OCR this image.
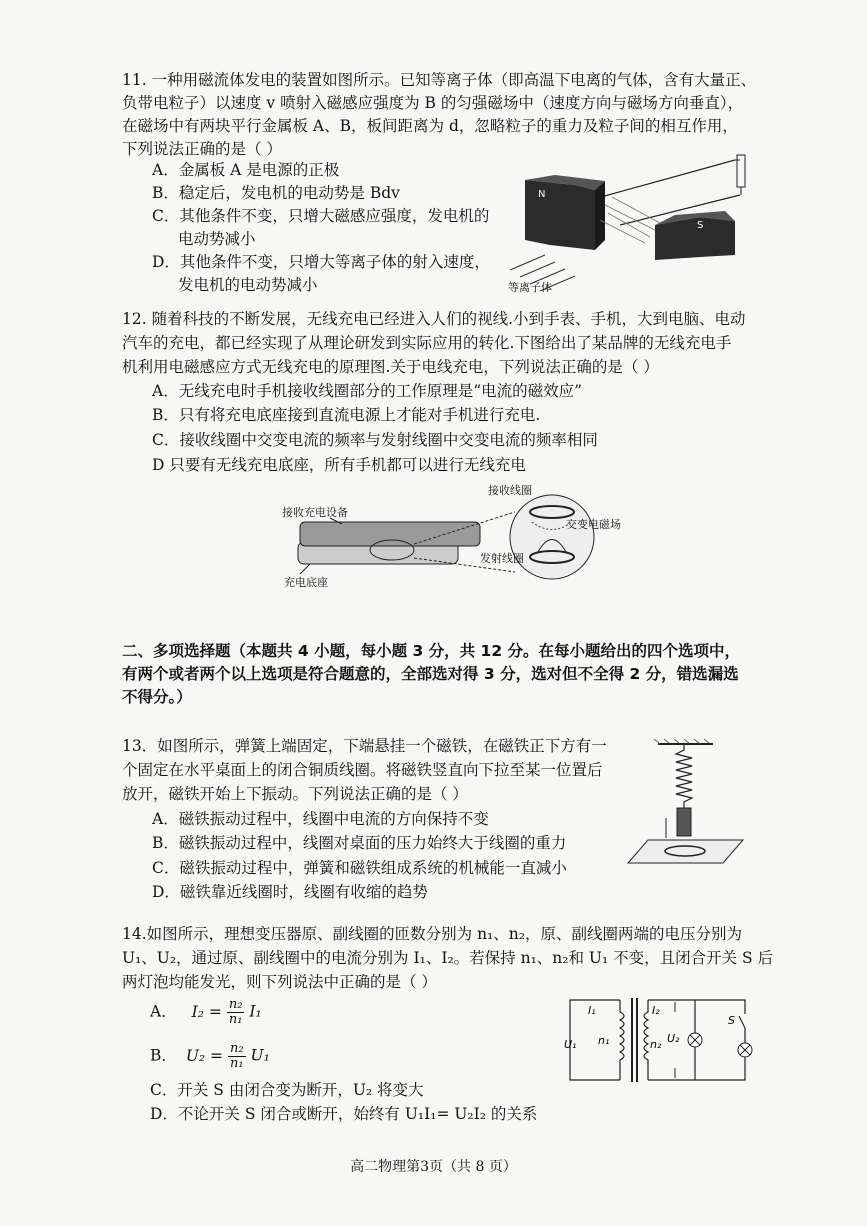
11. 一种用磁流体发电的装置如图所示。已知等离子体（即高温下电离的气体，含有大量正、
负带电粒子）以速度 v 喷射入磁感应强度为 B 的匀强磁场中（速度方向与磁场方向垂直），
在磁场中有两块平行金属板 A、B，板间距离为 d，忽略粒子的重力及粒子间的相互作用，
下列说法正确的是（ ）
A．金属板 A 是电源的正极
B．稳定后，发电机的电动势是 Bdv
C．其他条件不变，只增大磁感应强度，发电机的
电动势减小
D．其他条件不变，只增大等离子体的射入速度，
发电机的电动势减小
N
S
等离子体
12. 随着科技的不断发展，无线充电已经进入人们的视线.小到手表、手机，大到电脑、电动
汽车的充电，都已经实现了从理论研发到实际应用的转化.下图给出了某品牌的无线充电手
机利用电磁感应方式无线充电的原理图.关于电线充电，下列说法正确的是（ ）
A．无线充电时手机接收线圈部分的工作原理是“电流的磁效应”
B．只有将充电底座接到直流电源上才能对手机进行充电.
C．接收线圈中交变电流的频率与发射线圈中交变电流的频率相同
D 只要有无线充电底座，所有手机都可以进行无线充电
接收充电设备
充电底座
接收线圈
交变电磁场
发射线圈
二、多项选择题（本题共 4 小题，每小题 3 分，共 12 分。在每小题给出的四个选项中，
有两个或者两个以上选项是符合题意的，全部选对得 3 分，选对但不全得 2 分，错选漏选
不得分。）
13．如图所示，弹簧上端固定，下端悬挂一个磁铁，在磁铁正下方有一
个固定在水平桌面上的闭合铜质线圈。将磁铁竖直向下拉至某一位置后
放开，磁铁开始上下振动。下列说法正确的是（ ）
A．磁铁振动过程中，线圈中电流的方向保持不变
B．磁铁振动过程中，线圈对桌面的压力始终大于线圈的重力
C．磁铁振动过程中，弹簧和磁铁组成系统的机械能一直减小
D．磁铁靠近线圈时，线圈有收缩的趋势
14.如图所示，理想变压器原、副线圈的匝数分别为 n₁、n₂，原、副线圈两端的电压分别为
U₁、U₂，通过原、副线圈中的电流分别为 I₁、I₂。若保持 n₁、n₂和 U₁ 不变，且闭合开关 S 后
两灯泡均能发光，则下列说法中正确的是（ ）
A． $I_2 = \frac{\text{n₂}}{\text{n₁}} I_1$
B． $U_2 = \frac{\text{n₂}}{\text{n₁}} U_1$
C．开关 S 由闭合变为断开，U₂ 将变大
D．不论开关 S 闭合或断开，始终有 U₁I₁= U₂I₂ 的关系
I₁	I₂
U₁ n₁	n₂ U₂
S
高二物理第3页（共 8 页）
